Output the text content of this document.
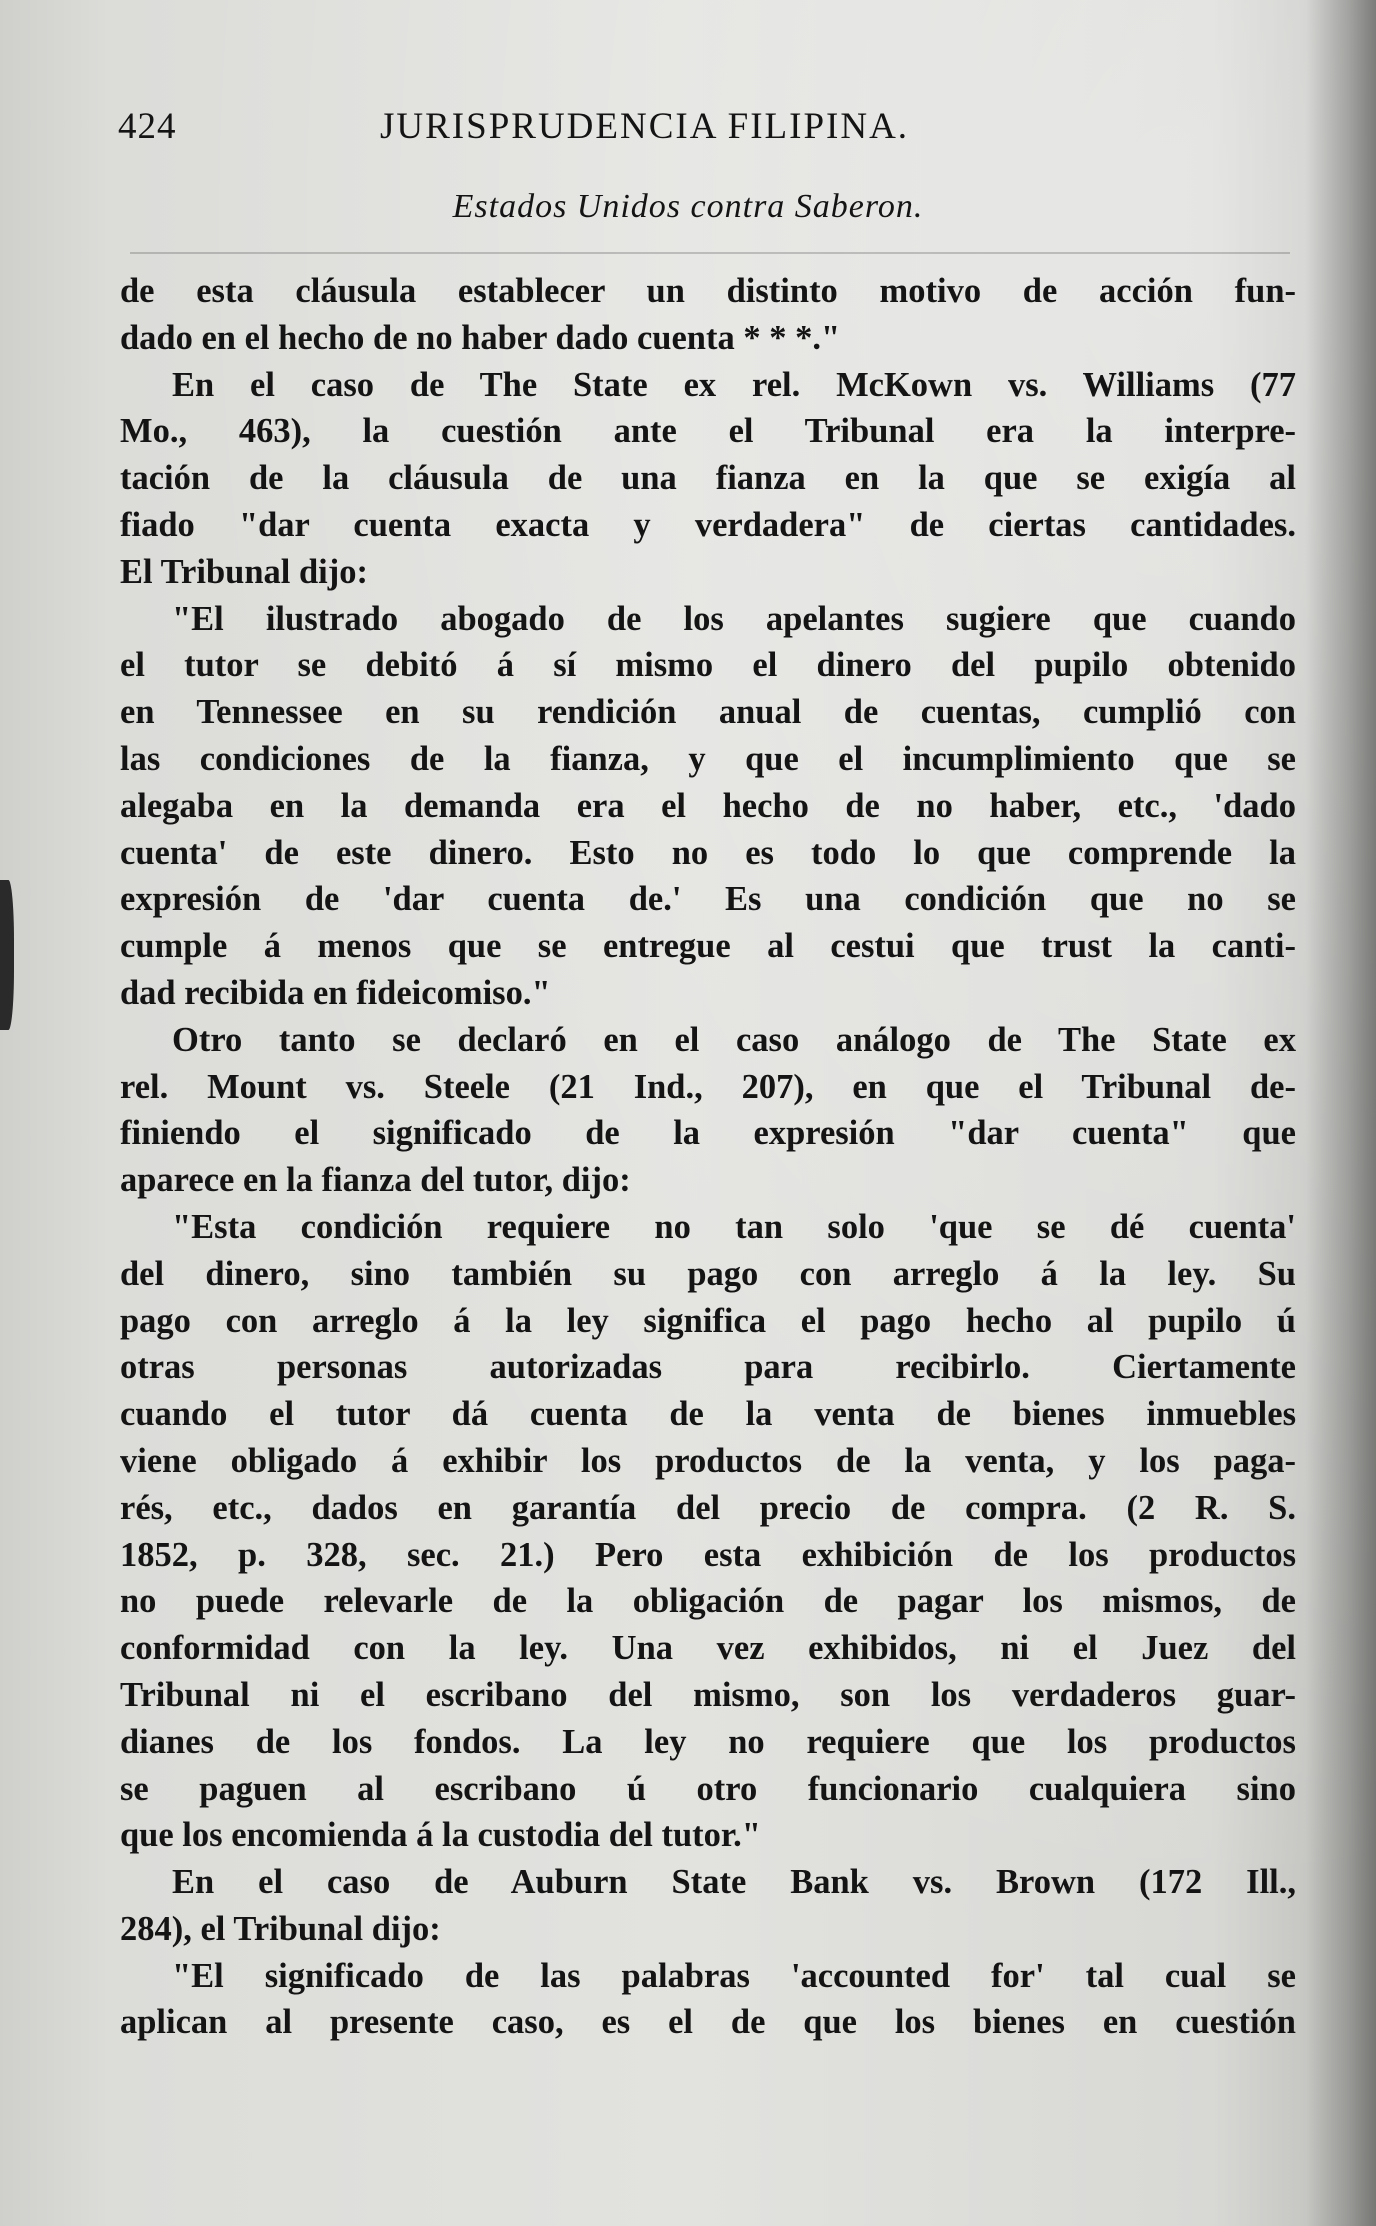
424	JURISPRUDENCIA FILIPINA.
Estados Unidos contra Saberon.
de esta cláusula establecer un distinto motivo de acción fun-
dado en el hecho de no haber dado cuenta * * *."
En el caso de The State ex rel. McKown vs. Williams (77
Mo., 463), la cuestión ante el Tribunal era la interpre-
tación de la cláusula de una fianza en la que se exigía al
fiado "dar cuenta exacta y verdadera" de ciertas cantidades.
El Tribunal dijo:
"El ilustrado abogado de los apelantes sugiere que cuando
el tutor se debitó á sí mismo el dinero del pupilo obtenido
en Tennessee en su rendición anual de cuentas, cumplió con
las condiciones de la fianza, y que el incumplimiento que se
alegaba en la demanda era el hecho de no haber, etc., 'dado
cuenta' de este dinero. Esto no es todo lo que comprende la
expresión de 'dar cuenta de.' Es una condición que no se
cumple á menos que se entregue al cestui que trust la canti-
dad recibida en fideicomiso."
Otro tanto se declaró en el caso análogo de The State ex
rel. Mount vs. Steele (21 Ind., 207), en que el Tribunal de-
finiendo el significado de la expresión "dar cuenta" que
aparece en la fianza del tutor, dijo:
"Esta condición requiere no tan solo 'que se dé cuenta'
del dinero, sino también su pago con arreglo á la ley. Su
pago con arreglo á la ley significa el pago hecho al pupilo ú
otras personas autorizadas para recibirlo. Ciertamente
cuando el tutor dá cuenta de la venta de bienes inmuebles
viene obligado á exhibir los productos de la venta, y los paga-
rés, etc., dados en garantía del precio de compra. (2 R. S.
1852, p. 328, sec. 21.) Pero esta exhibición de los productos
no puede relevarle de la obligación de pagar los mismos, de
conformidad con la ley. Una vez exhibidos, ni el Juez del
Tribunal ni el escribano del mismo, son los verdaderos guar-
dianes de los fondos. La ley no requiere que los productos
se paguen al escribano ú otro funcionario cualquiera sino
que los encomienda á la custodia del tutor."
En el caso de Auburn State Bank vs. Brown (172 Ill.,
284), el Tribunal dijo:
"El significado de las palabras 'accounted for' tal cual se
aplican al presente caso, es el de que los bienes en cuestión
